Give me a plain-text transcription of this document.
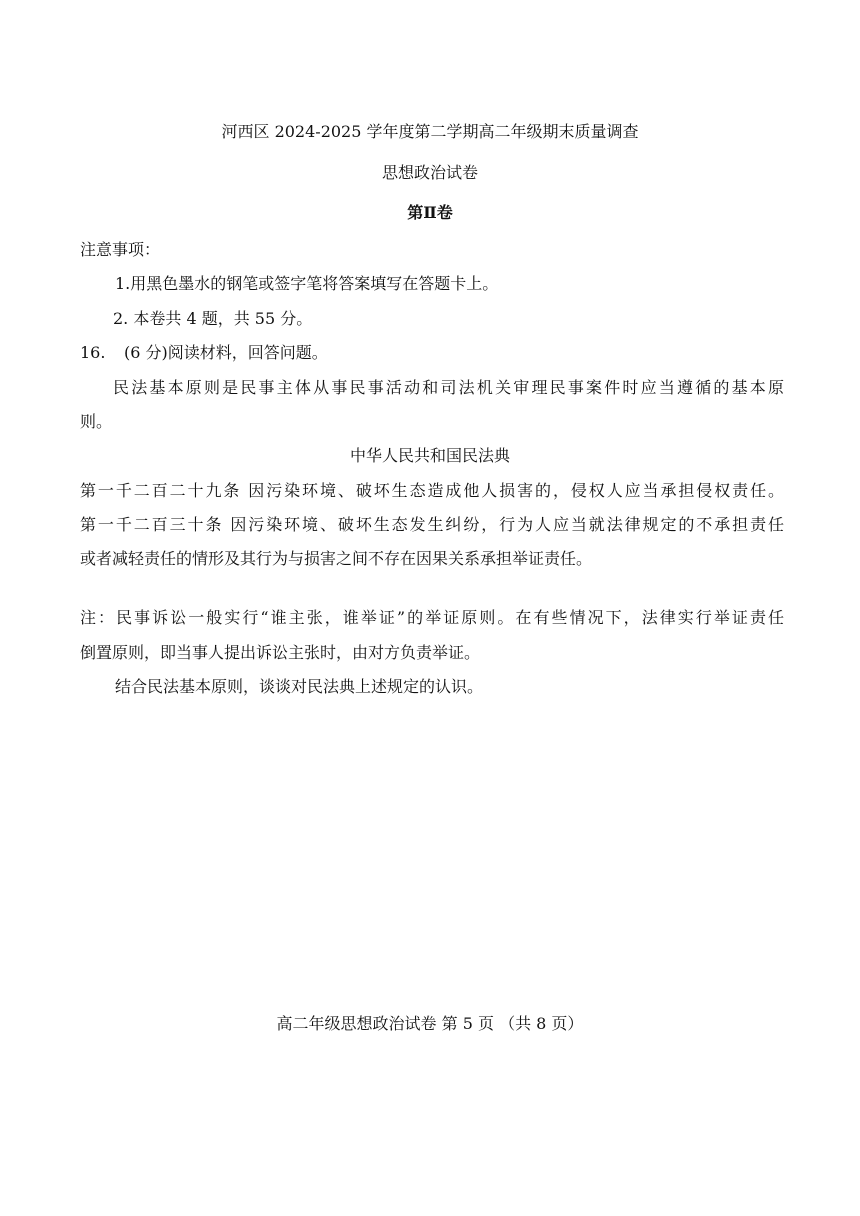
河西区 2024-2025 学年度第二学期高二年级期末质量调查
思想政治试卷
第Ⅱ卷
注意事项：
1.用黑色墨水的钢笔或签字笔将答案填写在答题卡上。
2. 本卷共 4 题，共 55 分。
16. (6 分)阅读材料，回答问题。
民法基本原则是民事主体从事民事活动和司法机关审理民事案件时应当遵循的基本原
则。
中华人民共和国民法典
第一千二百二十九条 因污染环境、破坏生态造成他人损害的，侵权人应当承担侵权责任。
第一千二百三十条 因污染环境、破坏生态发生纠纷，行为人应当就法律规定的不承担责任
或者减轻责任的情形及其行为与损害之间不存在因果关系承担举证责任。
注：民事诉讼一般实行“谁主张，谁举证”的举证原则。在有些情况下，法律实行举证责任
倒置原则，即当事人提出诉讼主张时，由对方负责举证。
结合民法基本原则，谈谈对民法典上述规定的认识。
高二年级思想政治试卷 第 5 页 （共 8 页）
